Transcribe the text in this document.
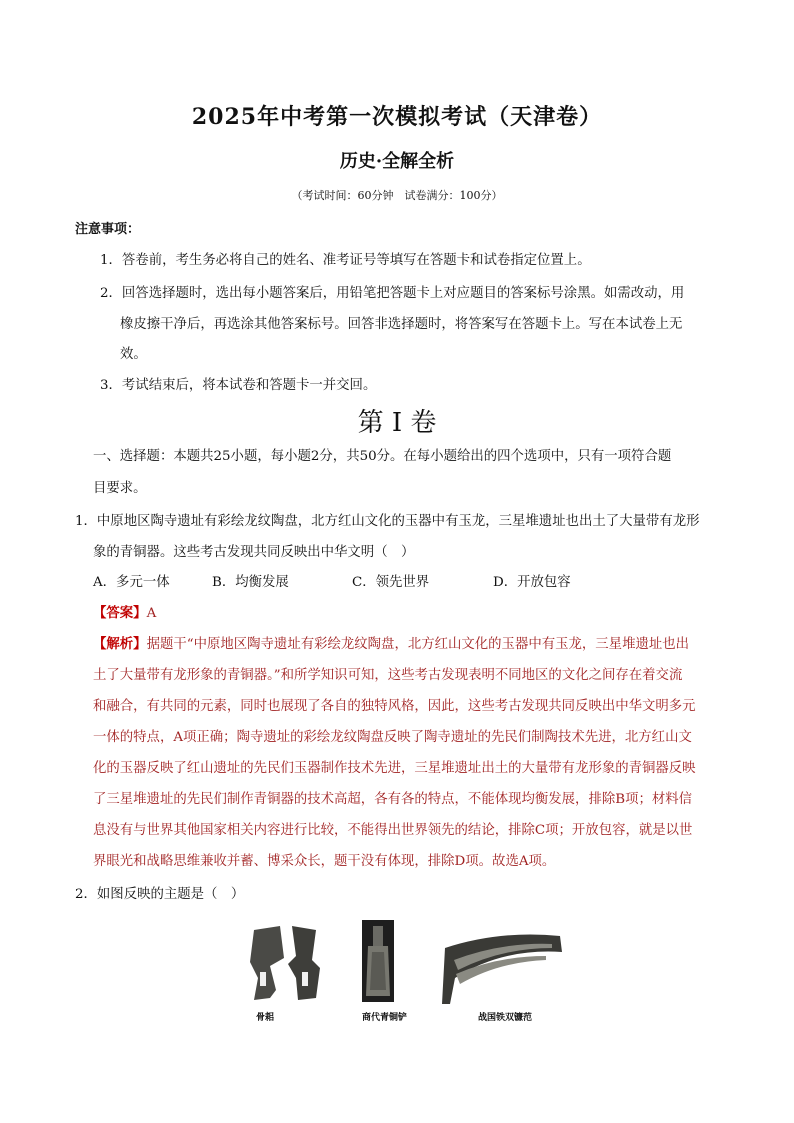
2025年中考第一次模拟考试（天津卷）
历史·全解全析
（考试时间：60分钟　试卷满分：100分）
注意事项：
1．答卷前，考生务必将自己的姓名、准考证号等填写在答题卡和试卷指定位置上。
2．回答选择题时，选出每小题答案后，用铅笔把答题卡上对应题目的答案标号涂黑。如需改动，用
橡皮擦干净后，再选涂其他答案标号。回答非选择题时，将答案写在答题卡上。写在本试卷上无
效。
3．考试结束后，将本试卷和答题卡一并交回。
第 I 卷
一、选择题：本题共25小题，每小题2分，共50分。在每小题给出的四个选项中，只有一项符合题
目要求。
1．中原地区陶寺遗址有彩绘龙纹陶盘，北方红山文化的玉器中有玉龙，三星堆遗址也出土了大量带有龙形
象的青铜器。这些考古发现共同反映出中华文明（　）
A．多元一体	B．均衡发展	C．领先世界	D．开放包容
【答案】A
【解析】据题干“中原地区陶寺遗址有彩绘龙纹陶盘，北方红山文化的玉器中有玉龙，三星堆遗址也出
土了大量带有龙形象的青铜器。”和所学知识可知，这些考古发现表明不同地区的文化之间存在着交流
和融合，有共同的元素，同时也展现了各自的独特风格，因此，这些考古发现共同反映出中华文明多元
一体的特点，A项正确；陶寺遗址的彩绘龙纹陶盘反映了陶寺遗址的先民们制陶技术先进，北方红山文
化的玉器反映了红山遗址的先民们玉器制作技术先进，三星堆遗址出土的大量带有龙形象的青铜器反映
了三星堆遗址的先民们制作青铜器的技术高超，各有各的特点，不能体现均衡发展，排除B项；材料信
息没有与世界其他国家相关内容进行比较，不能得出世界领先的结论，排除C项；开放包容，就是以世
界眼光和战略思维兼收并蓄、博采众长，题干没有体现，排除D项。故选A项。
2．如图反映的主题是（　）
骨耜	商代青铜铲	战国铁双镰范
